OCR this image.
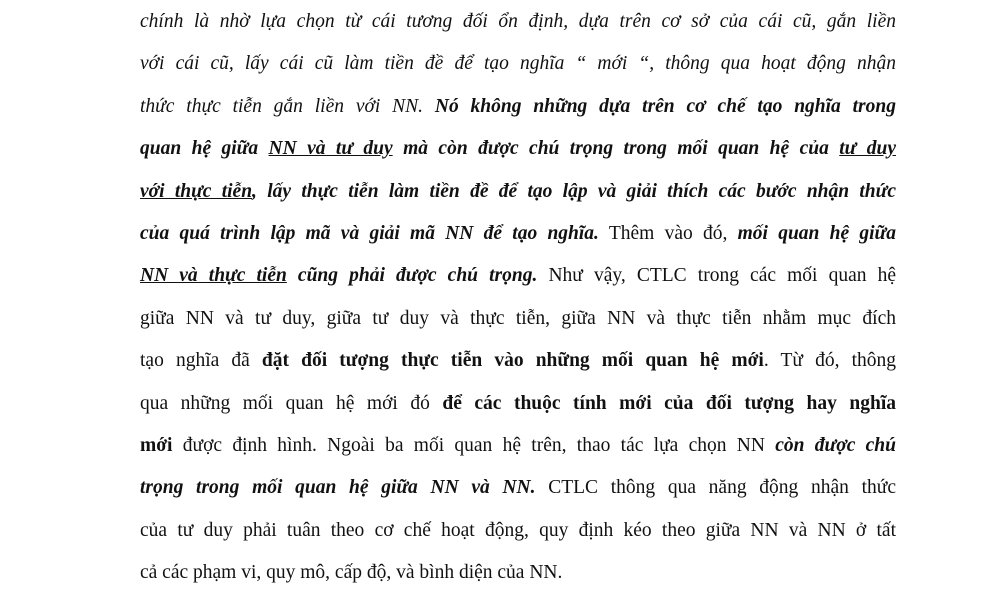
chính là nhờ lựa chọn từ cái tương đối ổn định, dựa trên cơ sở của cái cũ, gắn liền
với cái cũ, lấy cái cũ làm tiền đề để tạo nghĩa “ mới “, thông qua hoạt động nhận
thức thực tiễn gắn liền với NN. Nó không những dựa trên cơ chế tạo nghĩa trong
quan hệ giữa NN và tư duy mà còn được chú trọng trong mối quan hệ của tư duy
với thực tiễn, lấy thực tiễn làm tiền đề để tạo lập và giải thích các bước nhận thức
của quá trình lập mã và giải mã NN để tạo nghĩa. Thêm vào đó, mối quan hệ giữa
NN và thực tiễn cũng phải được chú trọng. Như vậy, CTLC trong các mối quan hệ
giữa NN và tư duy, giữa tư duy và thực tiễn, giữa NN và thực tiễn nhằm mục đích
tạo nghĩa đã đặt đối tượng thực tiễn vào những mối quan hệ mới. Từ đó, thông
qua những mối quan hệ mới đó để các thuộc tính mới của đối tượng hay nghĩa
mới được định hình. Ngoài ba mối quan hệ trên, thao tác lựa chọn NN còn được chú
trọng trong mối quan hệ giữa NN và NN. CTLC thông qua năng động nhận thức
của tư duy phải tuân theo cơ chế hoạt động, quy định kéo theo giữa NN và NN ở tất
cả các phạm vi, quy mô, cấp độ, và bình diện của NN.
